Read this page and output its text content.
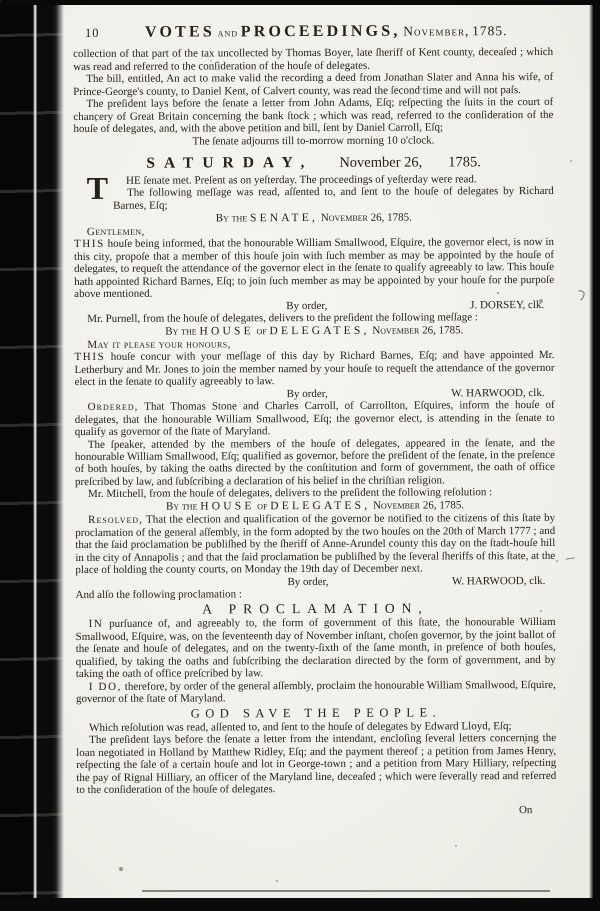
10	VOTES and PROCEEDINGS, November, 1785.

collection of that part of the tax uncollected by Thomas Boyer, late ſheriff of Kent county, deceaſed ; which was read and referred to the conſideration of the houſe of delegates.

The bill, entitled, An act to make valid the recording a deed from Jonathan Slater and Anna his wife, of Prince-George's county, to Daniel Kent, of Calvert county, was read the ſecond time and will not paſs.

The preſident lays before the ſenate a letter from John Adams, Eſq; reſpecting the ſuits in the court of chancery of Great Britain concerning the bank ſtock ; which was read, referred to the conſideration of the houſe of delegates, and, with the above petition and bill, ſent by Daniel Carroll, Eſq;

The ſenate adjourns till to-morrow morning 10 o'clock.

SATURDAY, November 26, 1785.

T	HE ſenate met. Preſent as on yeſterday. The proceedings of yeſterday were read.
The following meſſage was read, aſſented to, and ſent to the houſe of delegates by Richard Barnes, Eſq;

By the SENATE, November 26, 1785.

Gentlemen,

THIS houſe being informed, that the honourable William Smallwood, Eſquire, the governor elect, is now in this city, propoſe that a member of this houſe join with ſuch member as may be appointed by the houſe of delegates, to requeſt the attendance of the governor elect in the ſenate to qualify agreeably to law. This houſe hath appointed Richard Barnes, Eſq; to join ſuch member as may be appointed by your houſe for the purpoſe above mentioned.

By order,	J. DORSEY, clk.

Mr. Purnell, from the houſe of delegates, delivers to the preſident the following meſſage :

By the HOUSE of DELEGATES, November 26, 1785.

May it please your honours,

THIS houſe concur with your meſſage of this day by Richard Barnes, Eſq; and have appointed Mr. Letherbury and Mr. Jones to join the member named by your houſe to requeſt the attendance of the governor elect in the ſenate to qualify agreeably to law.

By order,	W. HARWOOD, clk.

Ordered, That Thomas Stone and Charles Carroll, of Carrollton, Eſquires, inform the houſe of delegates, that the honourable William Smallwood, Eſq; the governor elect, is attending in the ſenate to qualify as governor of the ſtate of Maryland.

The ſpeaker, attended by the members of the houſe of delegates, appeared in the ſenate, and the honourable William Smallwood, Eſq; qualified as governor, before the preſident of the ſenate, in the preſence of both houſes, by taking the oaths directed by the conſtitution and form of government, the oath of office preſcribed by law, and ſubſcribing a declaration of his belief in the chriſtian religion.

Mr. Mitchell, from the houſe of delegates, delivers to the preſident the following reſolution :

By the HOUSE of DELEGATES, November 26, 1785.

Resolved, That the election and qualification of the governor be notified to the citizens of this ſtate by proclamation of the general aſſembly, in the form adopted by the two houſes on the 20th of March 1777 ; and that the ſaid proclamation be publiſhed by the ſheriff of Anne-Arundel county this day on the ſtadt-houſe hill in the city of Annapolis ; and that the ſaid proclamation be publiſhed by the ſeveral ſheriffs of this ſtate, at the place of holding the county courts, on Monday the 19th day of December next.

By order,	W. HARWOOD, clk.

And alſo the following proclamation :

A PROCLAMATION,

IN purſuance of, and agreeably to, the form of government of this ſtate, the honourable William Smallwood, Eſquire, was, on the ſeventeenth day of November inſtant, choſen governor, by the joint ballot of the ſenate and houſe of delegates, and on the twenty-ſixth of the ſame month, in preſence of both houſes, qualified, by taking the oaths and ſubſcribing the declaration directed by the form of government, and by taking the oath of office preſcribed by law.

I DO, therefore, by order of the general aſſembly, proclaim the honourable William Smallwood, Eſquire, governor of the ſtate of Maryland.

GOD SAVE THE PEOPLE.

Which reſolution was read, aſſented to, and ſent to the houſe of delegates by Edward Lloyd, Eſq;

The preſident lays before the ſenate a letter from the intendant, encloſing ſeveral letters concerning the loan negotiated in Holland by Matthew Ridley, Eſq; and the payment thereof ; a petition from James Henry, reſpecting the ſale of a certain houſe and lot in George-town ; and a petition from Mary Hilliary, reſpecting the pay of Rignal Hilliary, an officer of the Maryland line, deceaſed ; which were ſeverally read and referred to the conſideration of the houſe of delegates.

On
